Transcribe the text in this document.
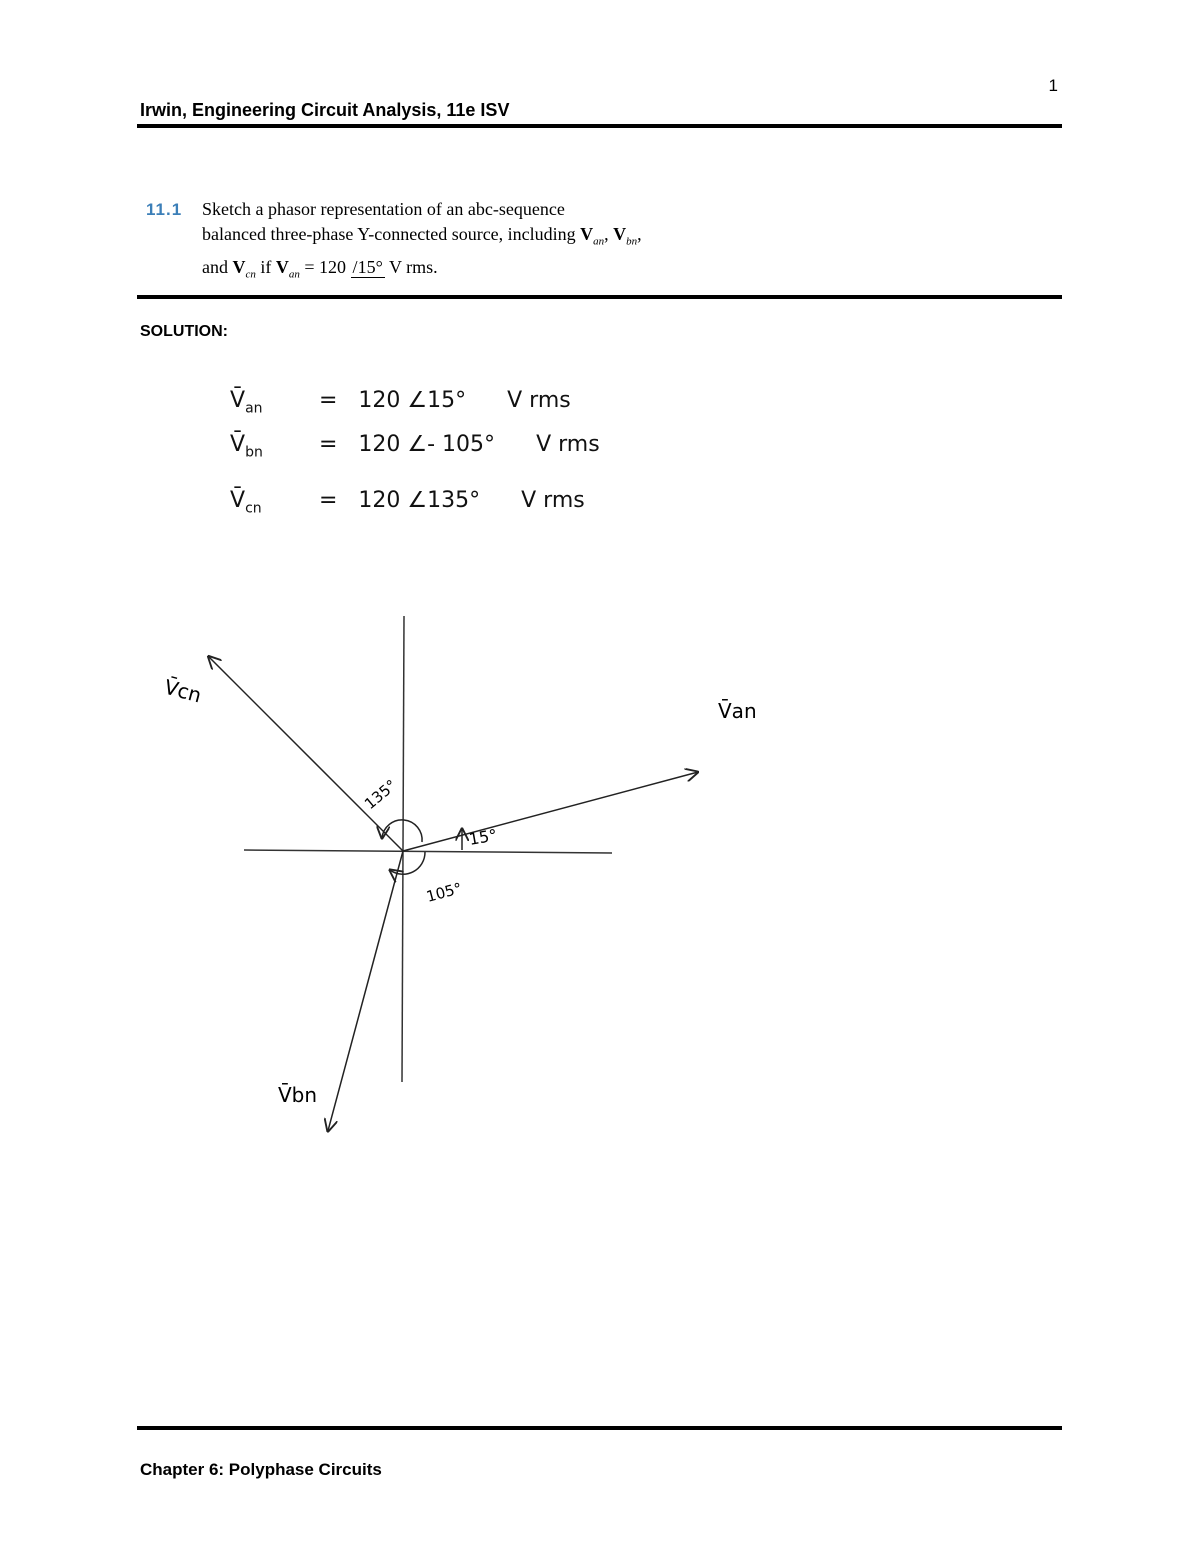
1
Irwin, Engineering Circuit Analysis, 11e ISV
11.1 Sketch a phasor representation of an abc-sequence
balanced three-phase Y-connected source, including $V_{an}$, $V_{bn}$,
and $V_{cn}$ if $V_{an} = 120$ /15° V rms.
SOLUTION:
$V̄_{an}$	= 120 ∠15° V rms
$V̄_{bn}$	= 120 ∠- 105° V rms
$V̄_{cn}$	= 120 ∠135° V rms
15°
135°
105°
V̄an
V̄bn
V̄cn
Chapter 6: Polyphase Circuits
